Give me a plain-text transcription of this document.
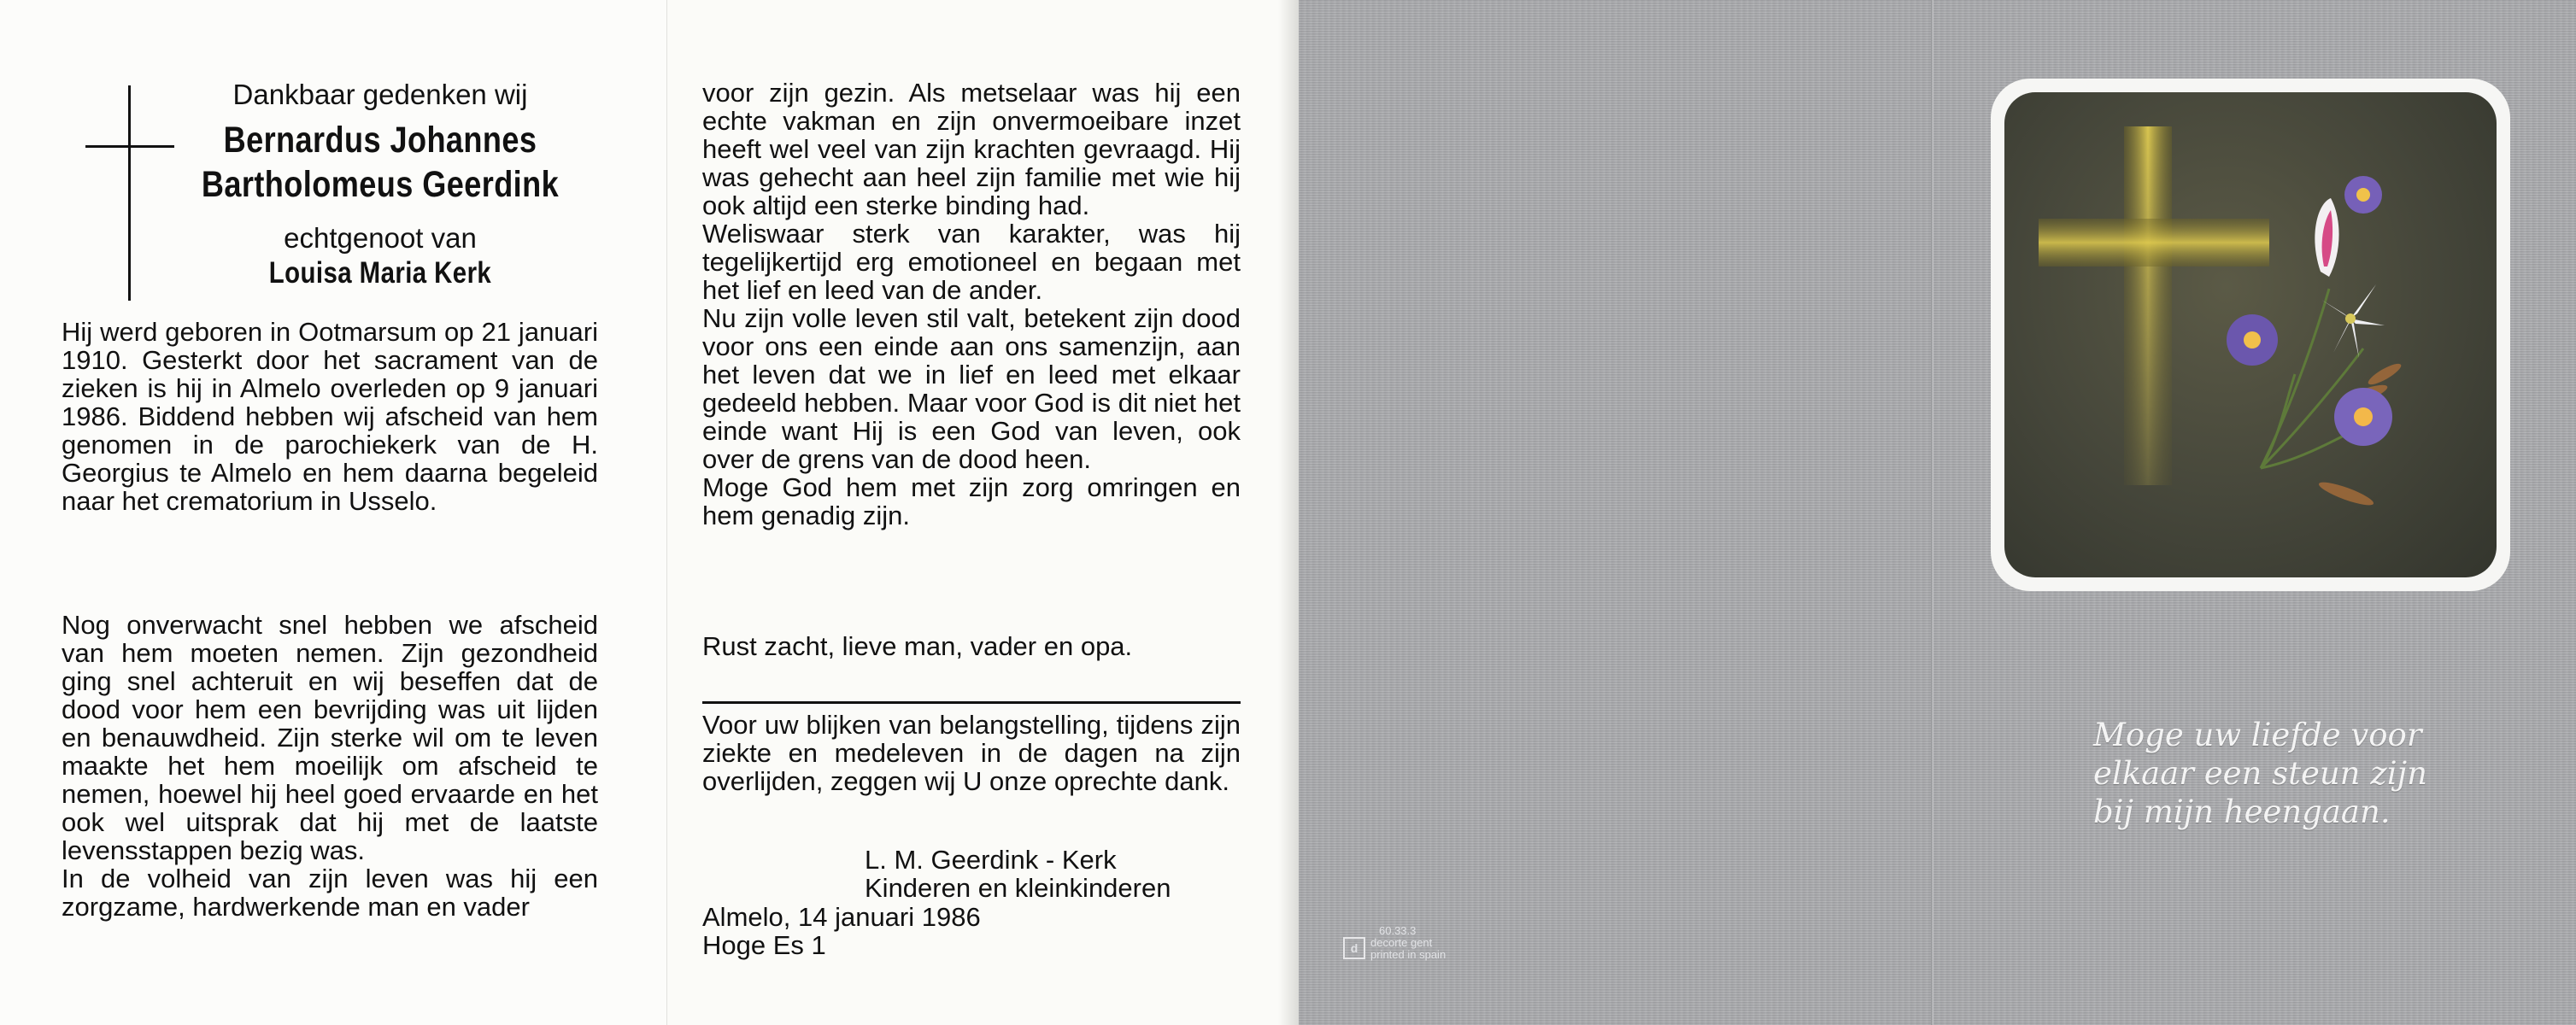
Dankbaar gedenken wij
Bernardus Johannes
Bartholomeus Geerdink
echtgenoot van
Louisa Maria Kerk
Hij werd geboren in Ootmarsum op 21 januari 1910. Gesterkt door het sacrament van de zieken is hij in Almelo overleden op 9 januari 1986. Biddend hebben wij afscheid van hem genomen in de parochiekerk van de H. Georgius te Almelo en hem daarna begeleid naar het crematorium in Usselo.
Nog onverwacht snel hebben we afscheid van hem moeten nemen. Zijn gezondheid ging snel achteruit en wij beseffen dat de dood voor hem een bevrijding was uit lijden en benauwdheid. Zijn sterke wil om te leven maakte het hem moeilijk om afscheid te nemen, hoewel hij heel goed ervaarde en het ook wel uitsprak dat hij met de laatste levensstappen bezig was.
In de volheid van zijn leven was hij een zorgzame, hardwerkende man en vader
voor zijn gezin. Als metselaar was hij een echte vakman en zijn onvermoeibare inzet heeft wel veel van zijn krachten gevraagd. Hij was gehecht aan heel zijn familie met wie hij ook altijd een sterke binding had.
Weliswaar sterk van karakter, was hij tegelijkertijd erg emotioneel en begaan met het lief en leed van de ander.
Nu zijn volle leven stil valt, betekent zijn dood voor ons een einde aan ons samenzijn, aan het leven dat we in lief en leed met elkaar gedeeld hebben. Maar voor God is dit niet het einde want Hij is een God van leven, ook over de grens van de dood heen.
Moge God hem met zijn zorg omringen en hem genadig zijn.
Rust zacht, lieve man, vader en opa.
Voor uw blijken van belangstelling, tijdens zijn ziekte en medeleven in de dagen na zijn overlijden, zeggen wij U onze oprechte dank.
L. M. Geerdink - Kerk
Kinderen en kleinkinderen
Almelo, 14 januari 1986
Hoge Es 1	60.33.3
d	decorte gent
printed in spain
Moge uw liefde voor
elkaar een steun zijn
bij mijn heengaan.
